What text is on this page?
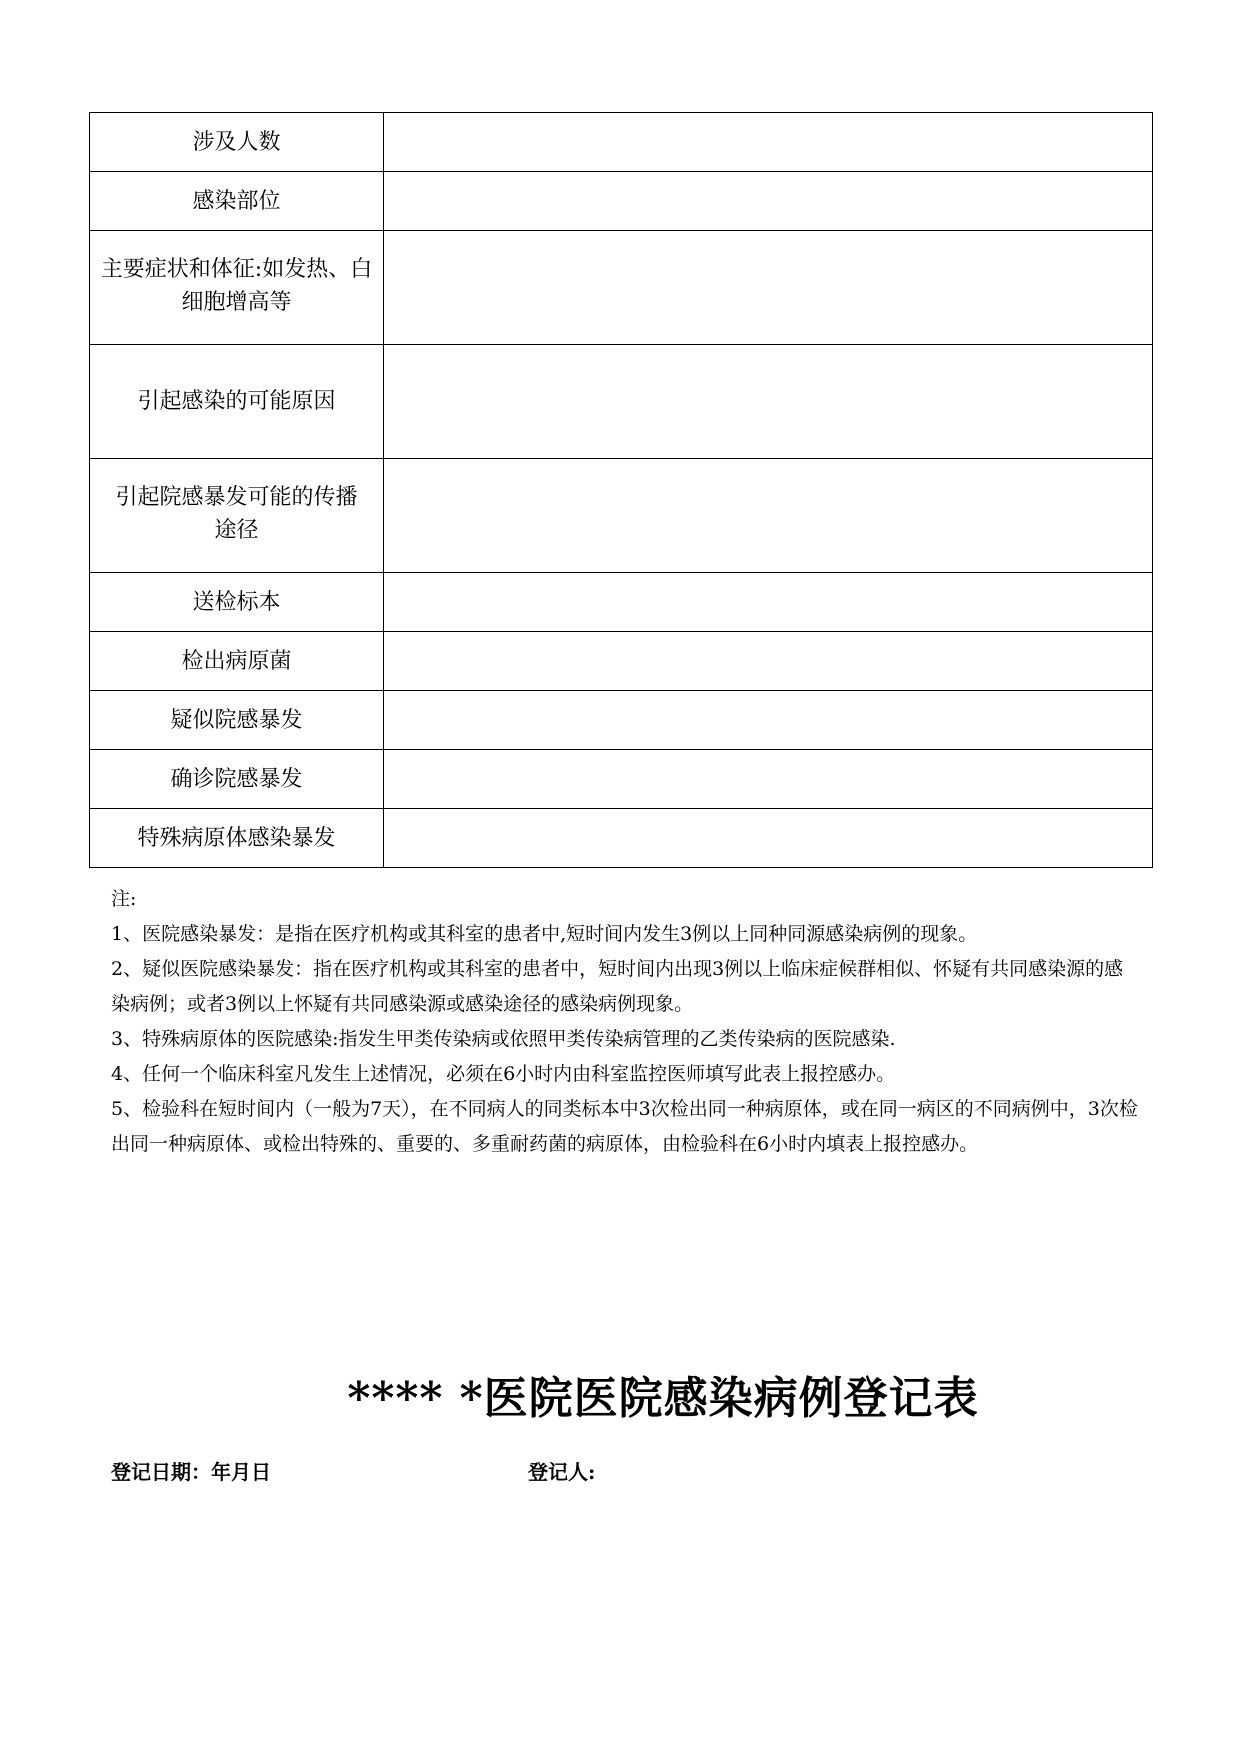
涉及人数	
感染部位	
主要症状和体征:如发热、白细胞增高等	
引起感染的可能原因	
引起院感暴发可能的传播途径	
送检标本	
检出病原菌	
疑似院感暴发	
确诊院感暴发	
特殊病原体感染暴发	

注:

1、医院感染暴发：是指在医疗机构或其科室的患者中,短时间内发生3例以上同种同源感染病例的现象。

2、疑似医院感染暴发：指在医疗机构或其科室的患者中，短时间内出现3例以上临床症候群相似、怀疑有共同感染源的感染病例；或者3例以上怀疑有共同感染源或感染途径的感染病例现象。

3、特殊病原体的医院感染:指发生甲类传染病或依照甲类传染病管理的乙类传染病的医院感染.

4、任何一个临床科室凡发生上述情况，必须在6小时内由科室监控医师填写此表上报控感办。

5、检验科在短时间内（一般为7天），在不同病人的同类标本中3次检出同一种病原体，或在同一病区的不同病例中，3次检出同一种病原体、或检出特殊的、重要的、多重耐药菌的病原体，由检验科在6小时内填表上报控感办。

**** *医院医院感染病例登记表
登记日期：年月日	登记人:
